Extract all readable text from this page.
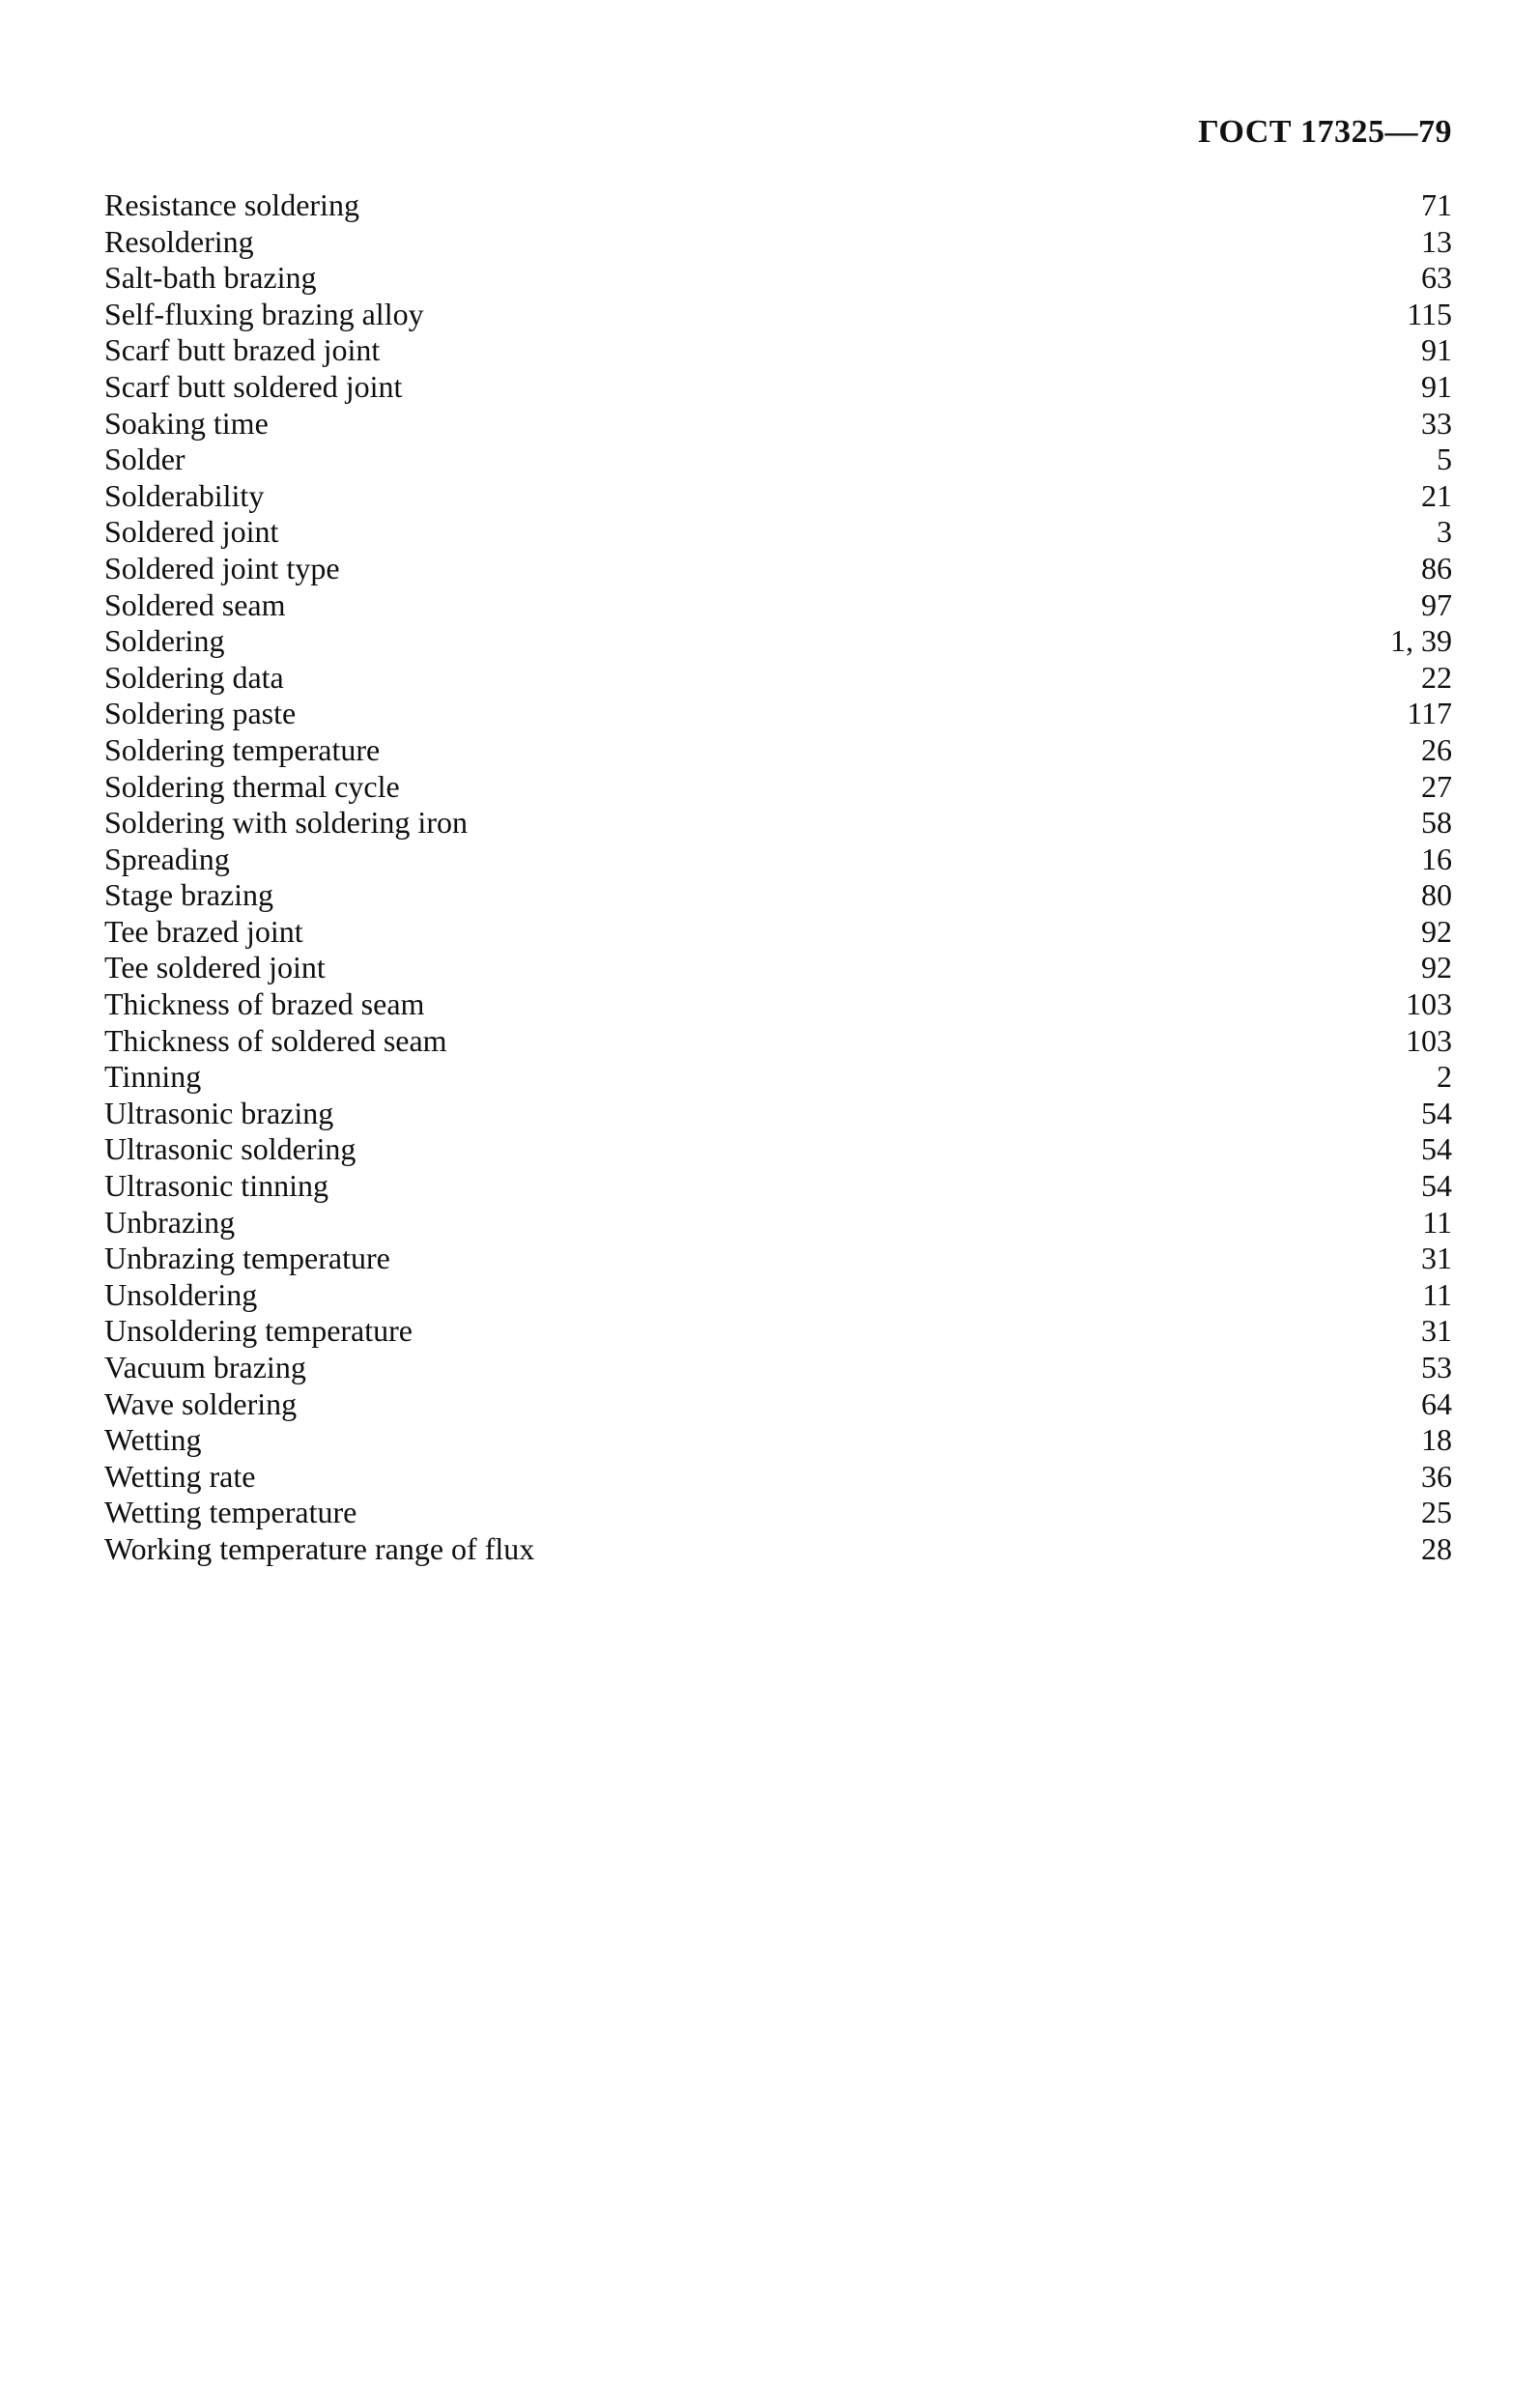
ГОСТ 17325—79
Resistance soldering	71
Resoldering	13
Salt-bath brazing	63
Self-fluxing brazing alloy	115
Scarf butt brazed joint	91
Scarf butt soldered joint	91
Soaking time	33
Solder	5
Solderability	21
Soldered joint	3
Soldered joint type	86
Soldered seam	97
Soldering	1, 39
Soldering data	22
Soldering paste	117
Soldering temperature	26
Soldering thermal cycle	27
Soldering with soldering iron	58
Spreading	16
Stage brazing	80
Tee brazed joint	92
Tee soldered joint	92
Thickness of brazed seam	103
Thickness of soldered seam	103
Tinning	2
Ultrasonic brazing	54
Ultrasonic soldering	54
Ultrasonic tinning	54
Unbrazing	11
Unbrazing temperature	31
Unsoldering	11
Unsoldering temperature	31
Vacuum brazing	53
Wave soldering	64
Wetting	18
Wetting rate	36
Wetting temperature	25
Working temperature range of flux	28
